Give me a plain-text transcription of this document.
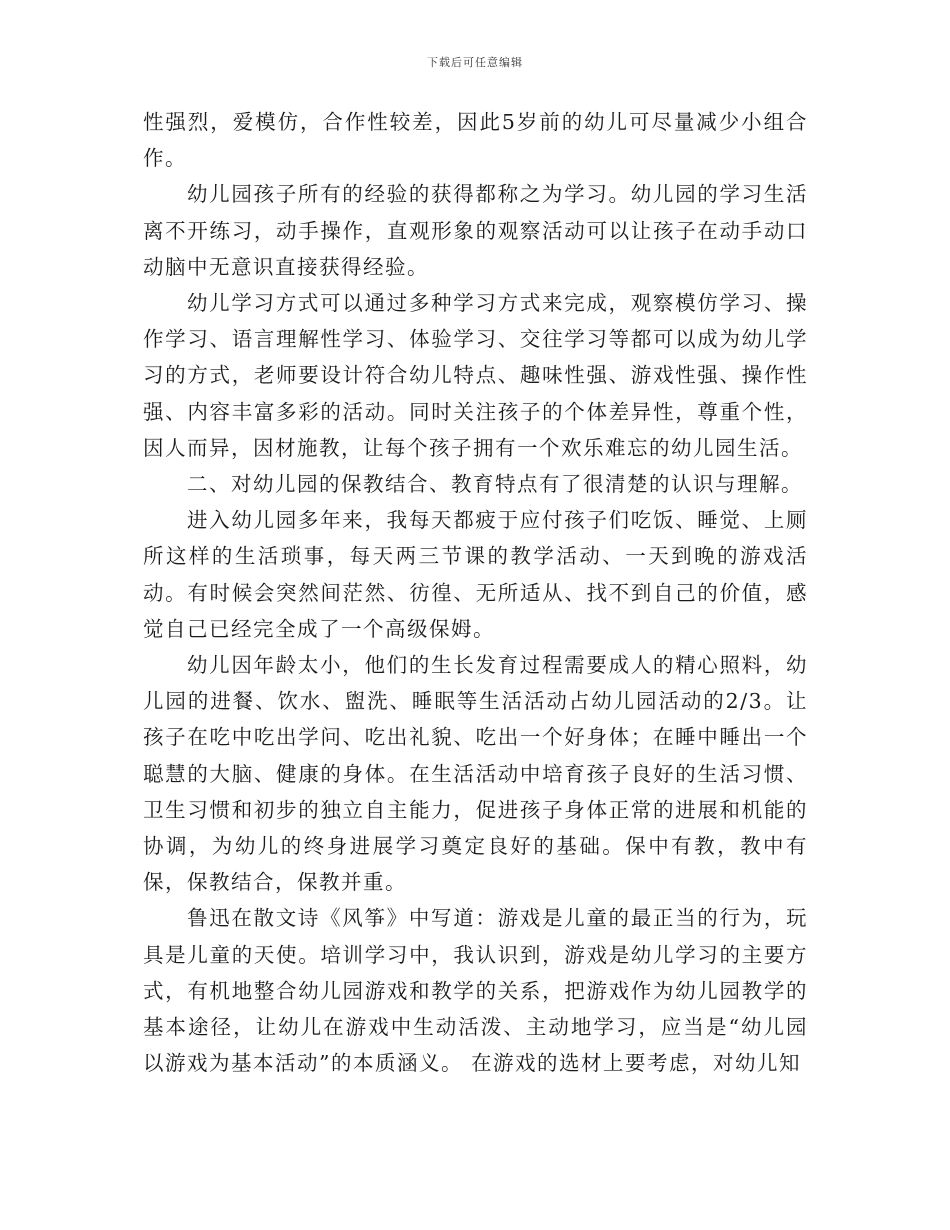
下载后可任意编辑

性强烈，爱模仿，合作性较差，因此5岁前的幼儿可尽量减少小组合作。

幼儿园孩子所有的经验的获得都称之为学习。幼儿园的学习生活离不开练习，动手操作，直观形象的观察活动可以让孩子在动手动口动脑中无意识直接获得经验。

幼儿学习方式可以通过多种学习方式来完成，观察模仿学习、操作学习、语言理解性学习、体验学习、交往学习等都可以成为幼儿学习的方式，老师要设计符合幼儿特点、趣味性强、游戏性强、操作性强、内容丰富多彩的活动。同时关注孩子的个体差异性，尊重个性，因人而异，因材施教，让每个孩子拥有一个欢乐难忘的幼儿园生活。

二、对幼儿园的保教结合、教育特点有了很清楚的认识与理解。

进入幼儿园多年来，我每天都疲于应付孩子们吃饭、睡觉、上厕所这样的生活琐事，每天两三节课的教学活动、一天到晚的游戏活动。有时候会突然间茫然、彷徨、无所适从、找不到自己的价值，感觉自己已经完全成了一个高级保姆。

幼儿因年龄太小，他们的生长发育过程需要成人的精心照料，幼儿园的进餐、饮水、盥洗、睡眠等生活活动占幼儿园活动的2/3。让孩子在吃中吃出学问、吃出礼貌、吃出一个好身体；在睡中睡出一个聪慧的大脑、健康的身体。在生活活动中培育孩子良好的生活习惯、卫生习惯和初步的独立自主能力，促进孩子身体正常的进展和机能的协调，为幼儿的终身进展学习奠定良好的基础。保中有教，教中有保，保教结合，保教并重。

鲁迅在散文诗《风筝》中写道：游戏是儿童的最正当的行为，玩具是儿童的天使。培训学习中，我认识到，游戏是幼儿学习的主要方式，有机地整合幼儿园游戏和教学的关系，把游戏作为幼儿园教学的基本途径，让幼儿在游戏中生动活泼、主动地学习，应当是“幼儿园以游戏为基本活动”的本质涵义。 在游戏的选材上要考虑，对幼儿知
